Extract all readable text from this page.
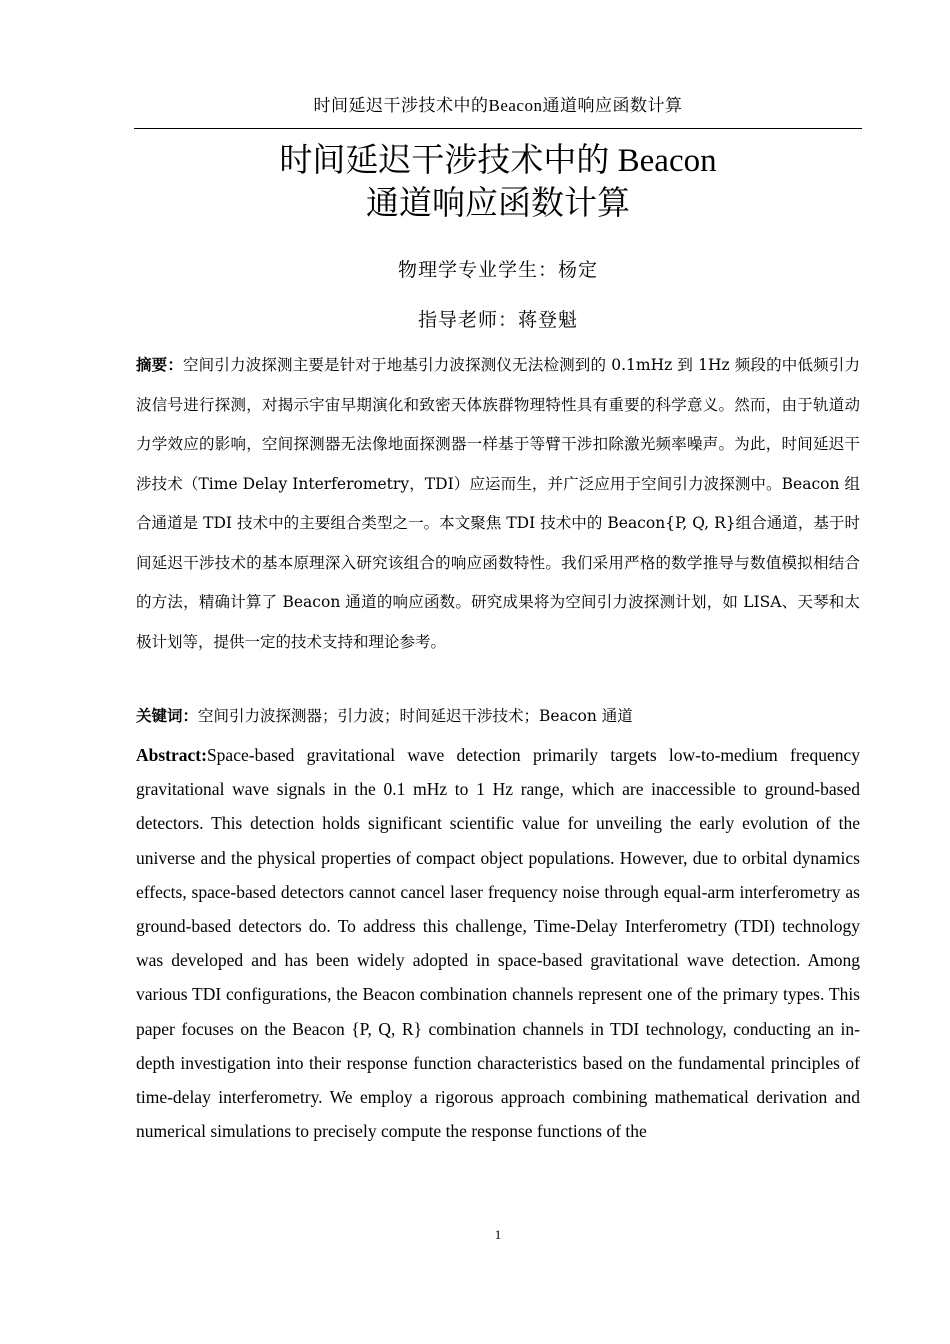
时间延迟干涉技术中的Beacon通道响应函数计算
时间延迟干涉技术中的 Beacon
通道响应函数计算
物理学专业学生：杨定
指导老师：蒋登魁
摘要：空间引力波探测主要是针对于地基引力波探测仪无法检测到的 0.1mHz 到 1Hz 频段的中低频引力波信号进行探测，对揭示宇宙早期演化和致密天体族群物理特性具有重要的科学意义。然而，由于轨道动力学效应的影响，空间探测器无法像地面探测器一样基于等臂干涉扣除激光频率噪声。为此，时间延迟干涉技术（Time Delay Interferometry，TDI）应运而生，并广泛应用于空间引力波探测中。Beacon 组合通道是 TDI 技术中的主要组合类型之一。本文聚焦 TDI 技术中的 Beacon{P, Q, R}组合通道，基于时间延迟干涉技术的基本原理深入研究该组合的响应函数特性。我们采用严格的数学推导与数值模拟相结合的方法，精确计算了 Beacon 通道的响应函数。研究成果将为空间引力波探测计划，如 LISA、天琴和太极计划等，提供一定的技术支持和理论参考。
关键词：空间引力波探测器；引力波；时间延迟干涉技术；Beacon 通道
Abstract:Space-based gravitational wave detection primarily targets low-to-medium frequency gravitational wave signals in the 0.1 mHz to 1 Hz range, which are inaccessible to ground-based detectors. This detection holds significant scientific value for unveiling the early evolution of the universe and the physical properties of compact object populations. However, due to orbital dynamics effects, space-based detectors cannot cancel laser frequency noise through equal-arm interferometry as ground-based detectors do. To address this challenge, Time-Delay Interferometry (TDI) technology was developed and has been widely adopted in space-based gravitational wave detection. Among various TDI configurations, the Beacon combination channels represent one of the primary types. This paper focuses on the Beacon {P, Q, R} combination channels in TDI technology, conducting an in-depth investigation into their response function characteristics based on the fundamental principles of time-delay interferometry. We employ a rigorous approach combining mathematical derivation and numerical simulations to precisely compute the response functions of the
1
